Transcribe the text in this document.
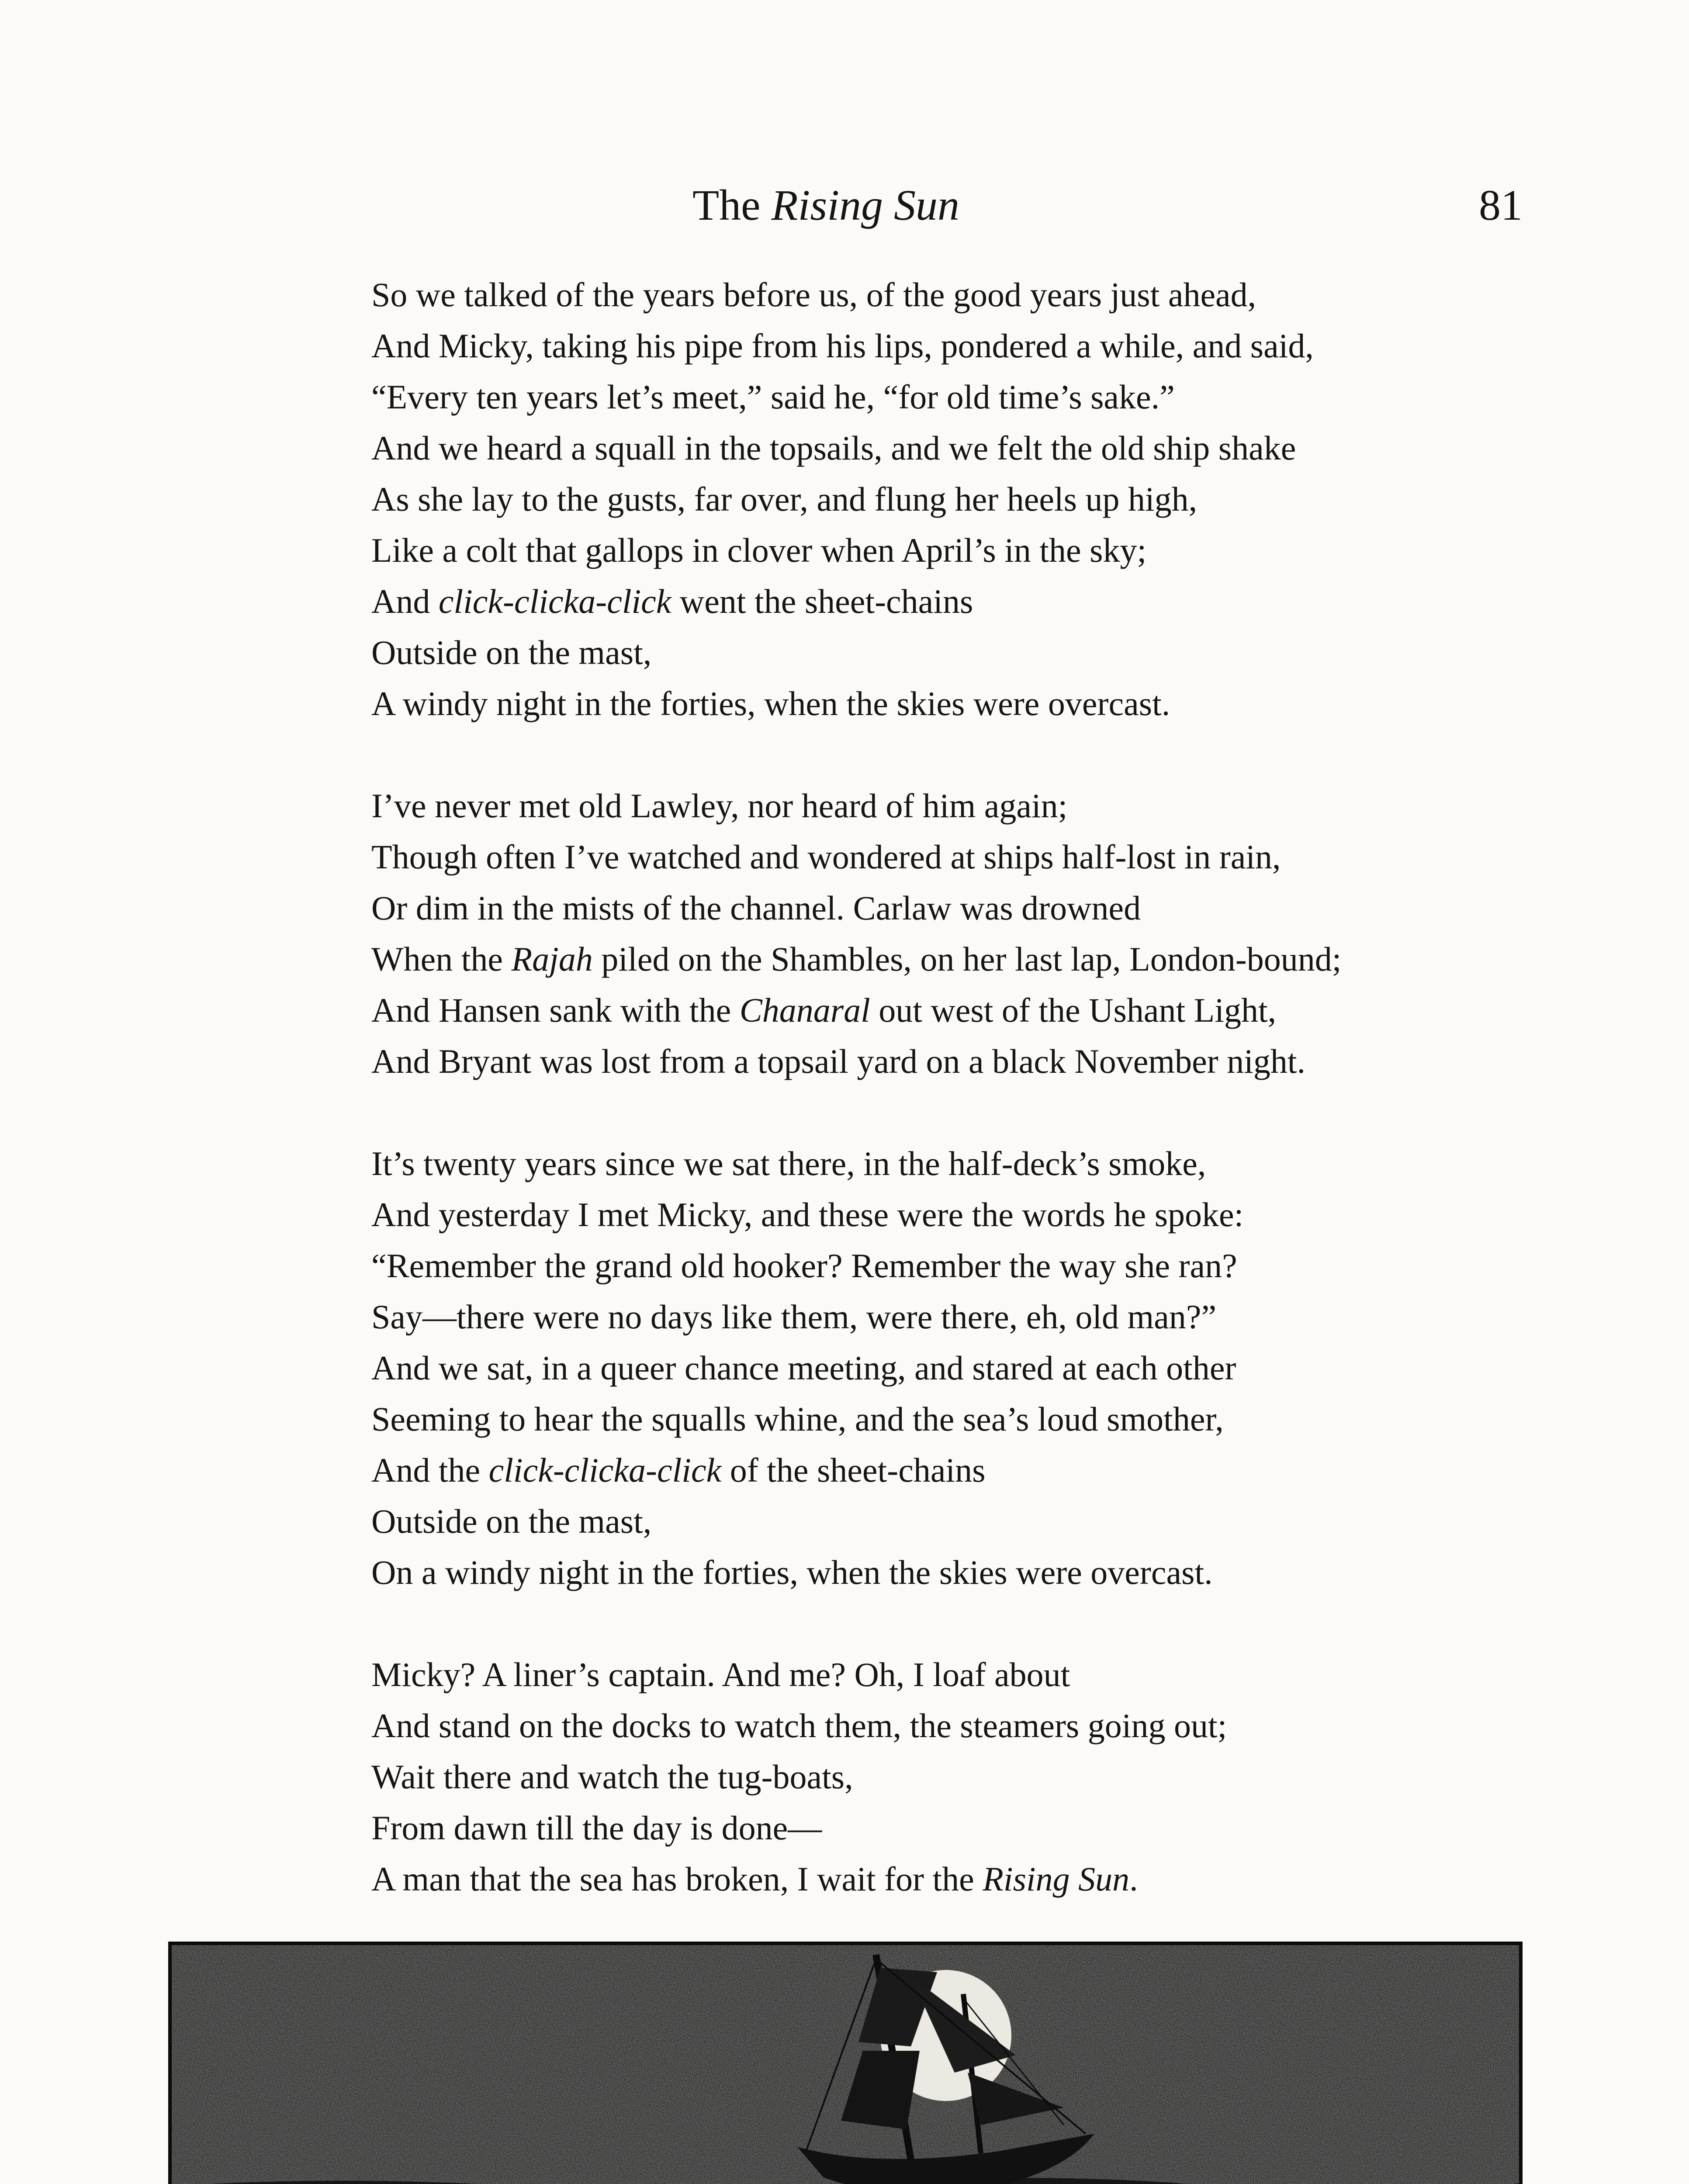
The Rising Sun	81
So we talked of the years before us, of the good years just ahead,
And Micky, taking his pipe from his lips, pondered a while, and said,
“Every ten years let’s meet,” said he, “for old time’s sake.”
And we heard a squall in the topsails, and we felt the old ship shake
As she lay to the gusts, far over, and flung her heels up high,
Like a colt that gallops in clover when April’s in the sky;
And click-clicka-click went the sheet-chains
Outside on the mast,
A windy night in the forties, when the skies were overcast.
I’ve never met old Lawley, nor heard of him again;
Though often I’ve watched and wondered at ships half-lost in rain,
Or dim in the mists of the channel. Carlaw was drowned
When the Rajah piled on the Shambles, on her last lap, London-bound;
And Hansen sank with the Chanaral out west of the Ushant Light,
And Bryant was lost from a topsail yard on a black November night.
It’s twenty years since we sat there, in the half-deck’s smoke,
And yesterday I met Micky, and these were the words he spoke:
“Remember the grand old hooker? Remember the way she ran?
Say—there were no days like them, were there, eh, old man?”
And we sat, in a queer chance meeting, and stared at each other
Seeming to hear the squalls whine, and the sea’s loud smother,
And the click-clicka-click of the sheet-chains
Outside on the mast,
On a windy night in the forties, when the skies were overcast.
Micky? A liner’s captain. And me? Oh, I loaf about
And stand on the docks to watch them, the steamers going out;
Wait there and watch the tug-boats,
From dawn till the day is done—
A man that the sea has broken, I wait for the Rising Sun.
